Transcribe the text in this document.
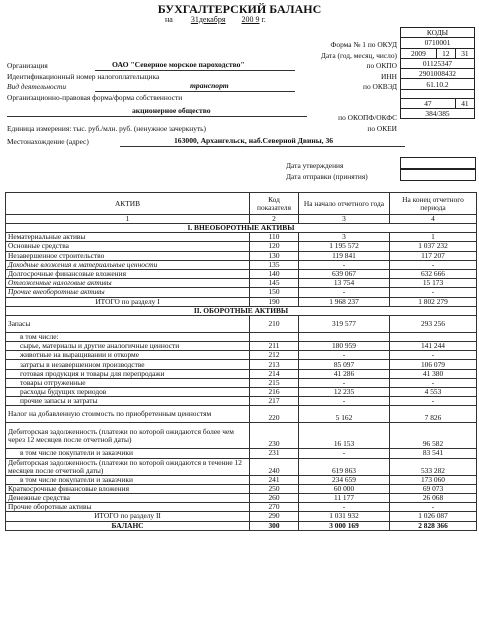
БУХГАЛТЕРСКИЙ БАЛАНС
на 31декабря 200 9 г.
КОДЫ		
0710001		
2009	12	31
01125347		
2901008432		
61.10.2		

47		41
384/385		
Форма № 1 по ОКУД
Дата (год, месяц, число)
по ОКПО
ИНН
по ОКВЭД
по ОКОПФ/ОКФС
по ОКЕИ
Организация	ОАО "Северное морское пароходство"
Идентификационный номер налогоплательщика
Вид деятельности	транспорт
Организационно-правовая форма/форма собственности
акционерное общество
Единица измерения: тыс. руб./млн. руб. (ненужное зачеркнуть)
Местонахождение (адрес)	163000, Архангельск, наб.Северной Двины, 36
Дата утверждения
Дата отправки (принятия)
АКТИВ	Код показателя	На начало отчетного года	На конец отчетного периода
1	2	3	4
I. ВНЕОБОРОТНЫЕ АКТИВЫ			
Нематериальные активы	110	3	1
Основные средства	120	1 195 572	1 037 232
Незавершенное строительство	130	119 841	117 207
Доходные вложения в материальные ценности	135	-	-
Долгосрочные финансовые вложения	140	639 067	632 666
Отложенные налоговые активы	145	13 754	15 173
Прочие внеоборотные активы	150	-	-
ИТОГО по разделу I	190	1 968 237	1 802 279
II. ОБОРОТНЫЕ АКТИВЫ			
Запасы	210	319 577	293 256
в том числе:			
сырье, материалы и другие аналогичные ценности	211	180 959	141 244
животные на выращивании и откорме	212	-	-
затраты в незавершенном производстве	213	85 097	106 079
готовая продукция и товары для перепродажи	214	41 286	41 380
товары отгруженные	215	-	-
расходы будущих периодов	216	12 235	4 553
прочие запасы и затраты	217	-	-
Налог на добавленную стоимость по приобретенным ценностям	220	5 162	7 826
Дебиторская задолженность (платежи по которой ожидаются более чем через 12 месяцев после отчетной даты)	230	16 153	96 582
в том числе покупатели и заказчики	231	-	83 541
Дебиторская задолженность (платежи по которой ожидаются в течение 12 месяцев после отчетной даты)	240	619 863	533 282
в том числе покупатели и заказчики	241	234 659	173 060
Краткосрочные финансовые вложения	250	60 000	69 073
Денежные средства	260	11 177	26 068
Прочие оборотные активы	270	-	-
ИТОГО по разделу II	290	1 031 932	1 026 087
БАЛАНС	300	3 000 169	2 828 366
